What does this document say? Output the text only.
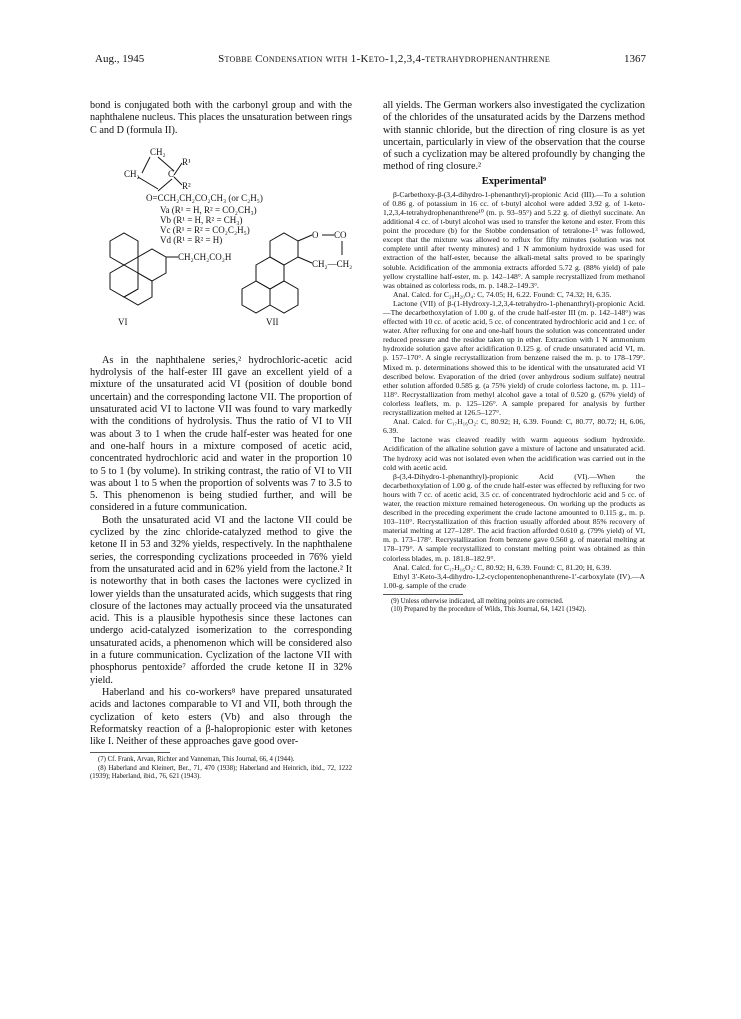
Aug., 1945	Stobbe Condensation with 1-Keto-1,2,3,4-tetrahydrophenanthrene	1367

bond is conjugated both with the carbonyl group and with the naphthalene nucleus. This places the unsaturation between rings C and D (formula II).

CH₂
CH₂	C
R¹
R²
O=CCH₂CH₂CO₂CH₃ (or C₂H₅)
Va (R¹ = H, R² = CO₂CH₃)
Vb (R¹ = H, R² = CH₃)
Vc (R¹ = R² = CO₂C₂H₅)
Vd (R¹ = R² = H)
CH₂CH₂CO₂H
O CO
CH₂—CH₂
VI	VII

As in the naphthalene series,² hydrochloric-acetic acid hydrolysis of the half-ester III gave an excellent yield of a mixture of the unsaturated acid VI (position of double bond uncertain) and the corresponding lactone VII. The proportion of unsaturated acid VI to lactone VII was found to vary markedly with the conditions of hydrolysis. Thus the ratio of VI to VII was about 3 to 1 when the crude half-ester was heated for one and one-half hours in a mixture composed of acetic acid, concentrated hydrochloric acid and water in the proportion 10 to 5 to 1 (by volume). In striking contrast, the ratio of VI to VII was about 1 to 5 when the proportion of solvents was 7 to 3.5 to 5. This phenomenon is being studied further, and will be considered in a future communication.

Both the unsaturated acid VI and the lactone VII could be cyclized by the zinc chloride-catalyzed method to give the ketone II in 53 and 32% yields, respectively. In the naphthalene series, the corresponding cyclizations proceeded in 76% yield from the unsaturated acid and in 62% yield from the lactone.² It is noteworthy that in both cases the lactones were cyclized in lower yields than the unsaturated acids, which suggests that ring closure of the lactones may actually proceed via the unsaturated acid. This is a plausible hypothesis since these lactones can undergo acid-catalyzed isomerization to the corresponding unsaturated acids, a phenomenon which will be considered also in a future communication. Cyclization of the lactone VII with phosphorus pentoxide⁷ afforded the crude ketone II in 32% yield.

Haberland and his co-workers⁸ have prepared unsaturated acids and lactones comparable to VI and VII, both through the cyclization of keto esters (Vb) and also through the Reformatsky reaction of a β-halopropionic ester with ketones like I. Neither of these approaches gave good over-

(7) Cf. Frank, Arvan, Richter and Vanneman, This Journal, 66, 4 (1944).

(8) Haberland and Kleinert, Ber., 71, 470 (1938); Haberland and Heinrich, ibid., 72, 1222 (1939); Haberland, ibid., 76, 621 (1943).

all yields. The German workers also investigated the cyclization of the chlorides of the unsaturated acids by the Darzens method with stannic chloride, but the direction of ring closure is as yet uncertain, particularly in view of the observation that the course of such a cyclization may be altered profoundly by changing the method of ring closure.²

Experimental⁹

β-Carbethoxy-β-(3,4-dihydro-1-phenanthryl)-propionic Acid (III).—To a solution of 0.86 g. of potassium in 16 cc. of t-butyl alcohol were added 3.92 g. of 1-keto-1,2,3,4-tetrahydrophenanthrene¹⁰ (m. p. 93–95°) and 5.22 g. of diethyl succinate. An additional 4 cc. of t-butyl alcohol was used to transfer the ketone and ester. From this point the procedure (b) for the Stobbe condensation of tetralone-1³ was followed, except that the mixture was allowed to reflux for fifty minutes (solution was not complete until after twenty minutes) and 1 N ammonium hydroxide was used for extraction of the half-ester, because the alkali-metal salts proved to be sparingly soluble. Acidification of the ammonia extracts afforded 5.72 g. (88% yield) of pale yellow crystalline half-ester, m. p. 142–148°. A sample recrystallized from methanol was obtained as colorless rods, m. p. 148.2–149.3°.

Anal. Calcd. for C₂₀H₂₀O₄: C, 74.05; H, 6.22. Found: C, 74.32; H, 6.35.

Lactone (VII) of β-(1-Hydroxy-1,2,3,4-tetrahydro-1-phenanthryl)-propionic Acid.—The decarbethoxylation of 1.00 g. of the crude half-ester III (m. p. 142–148°) was effected with 10 cc. of acetic acid, 5 cc. of concentrated hydrochloric acid and 1 cc. of water. After refluxing for one and one-half hours the solution was concentrated under reduced pressure and the residue taken up in ether. Extraction with 1 N ammonium hydroxide solution gave after acidification 0.125 g. of crude unsaturated acid VI, m. p. 157–170°. A single recrystallization from benzene raised the m. p. to 178–179°. Mixed m. p. determinations showed this to be identical with the unsaturated acid VI described below. Evaporation of the dried (over anhydrous sodium sulfate) neutral ether solution afforded 0.585 g. (a 75% yield) of crude colorless lactone, m. p. 111–118°. Recrystallization from methyl alcohol gave a total of 0.520 g. (67% yield) of colorless leaflets, m. p. 125–126°. A sample prepared for analysis by further recrystallization melted at 126.5–127°.

Anal. Calcd. for C₁₇H₁₆O₂: C, 80.92; H, 6.39. Found: C, 80.77, 80.72; H, 6.06, 6.39.

The lactone was cleaved readily with warm aqueous sodium hydroxide. Acidification of the alkaline solution gave a mixture of lactone and unsaturated acid. The hydroxy acid was not isolated even when the acidification was carried out in the cold with acetic acid.

β-(3,4-Dihydro-1-phenanthryl)-propionic Acid (VI).—When the decarbethoxylation of 1.00 g. of the crude half-ester was effected by refluxing for two hours with 7 cc. of acetic acid, 3.5 cc. of concentrated hydrochloric acid and 5 cc. of water, the reaction mixture remained heterogeneous. On working up the products as described in the preceding experiment the crude lactone amounted to 0.115 g., m. p. 103–110°. Recrystallization of this fraction usually afforded about 85% recovery of material melting at 127–128°. The acid fraction afforded 0.610 g. (79% yield) of VI, m. p. 173–178°. Recrystallization from benzene gave 0.560 g. of material melting at 178–179°. A sample recrystallized to constant melting point was obtained as thin colorless blades, m. p. 181.8–182.9°.

Anal. Calcd. for C₁₇H₁₆O₂: C, 80.92; H, 6.39. Found: C, 81.20; H, 6.39.

Ethyl 3′-Keto-3,4-dihydro-1,2-cyclopentenophenanthrene-1′-carboxylate (IV).—A 1.00-g. sample of the crude

(9) Unless otherwise indicated, all melting points are corrected.

(10) Prepared by the procedure of Wilds, This Journal, 64, 1421 (1942).
